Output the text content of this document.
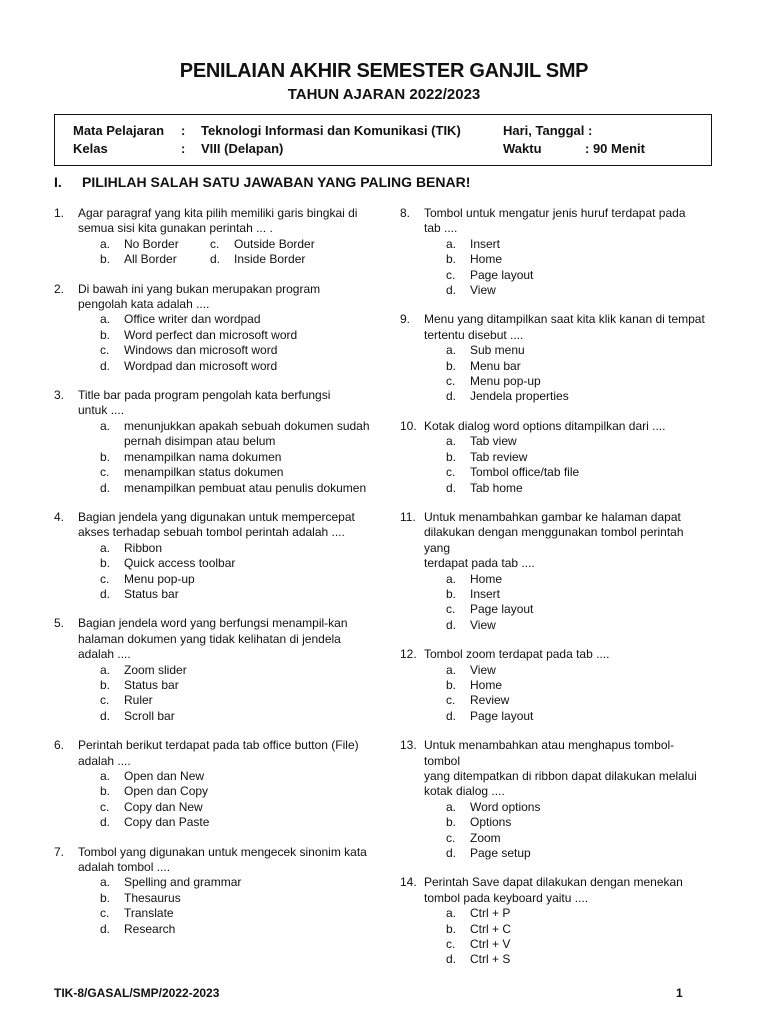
PENILAIAN AKHIR SEMESTER GANJIL SMP
TAHUN AJARAN 2022/2023
Mata Pelajaran : Teknologi Informasi dan Komunikasi (TIK)	Hari, Tanggal :
Kelas	: VIII (Delapan)	Waktu	: 90 Menit
I. PILIHLAH SALAH SATU JAWABAN YANG PALING BENAR!
1. Agar paragraf yang kita pilih memiliki garis bingkai di
semua sisi kita gunakan perintah ... .
a. No Border	c. Outside Border
b. All Border	d. Inside Border
2. Di bawah ini yang bukan merupakan program
pengolah kata adalah ....
a. Office writer dan wordpad
b. Word perfect dan microsoft word
c. Windows dan microsoft word
d. Wordpad dan microsoft word
3. Title bar pada program pengolah kata berfungsi
untuk ....
a. menunjukkan apakah sebuah dokumen sudah pernah disimpan atau belum
b. menampilkan nama dokumen
c. menampilkan status dokumen
d. menampilkan pembuat atau penulis dokumen
4. Bagian jendela yang digunakan untuk mempercepat
akses terhadap sebuah tombol perintah adalah ....
a. Ribbon
b. Quick access toolbar
c. Menu pop-up
d. Status bar
5. Bagian jendela word yang berfungsi menampil-kan
halaman dokumen yang tidak kelihatan di jendela
adalah ....
a. Zoom slider
b. Status bar
c. Ruler
d. Scroll bar
6. Perintah berikut terdapat pada tab office button (File)
adalah ....
a. Open dan New
b. Open dan Copy
c. Copy dan New
d. Copy dan Paste
7. Tombol yang digunakan untuk mengecek sinonim kata
adalah tombol ....
a. Spelling and grammar
b. Thesaurus
c. Translate
d. Research
8. Tombol untuk mengatur jenis huruf terdapat pada
tab ....
a. Insert
b. Home
c. Page layout
d. View
9. Menu yang ditampilkan saat kita klik kanan di tempat
tertentu disebut ....
a. Sub menu
b. Menu bar
c. Menu pop-up
d. Jendela properties
10. Kotak dialog word options ditampilkan dari ....
a. Tab view
b. Tab review
c. Tombol office/tab file
d. Tab home
11. Untuk menambahkan gambar ke halaman dapat
dilakukan dengan menggunakan tombol perintah yang
terdapat pada tab ....
a. Home
b. Insert
c. Page layout
d. View
12. Tombol zoom terdapat pada tab ....
a. View
b. Home
c. Review
d. Page layout
13. Untuk menambahkan atau menghapus tombol-tombol
yang ditempatkan di ribbon dapat dilakukan melalui
kotak dialog ....
a. Word options
b. Options
c. Zoom
d. Page setup
14. Perintah Save dapat dilakukan dengan menekan
tombol pada keyboard yaitu ....
a. Ctrl + P
b. Ctrl + C
c. Ctrl + V
d. Ctrl + S
TIK-8/GASAL/SMP/2022-2023	1
